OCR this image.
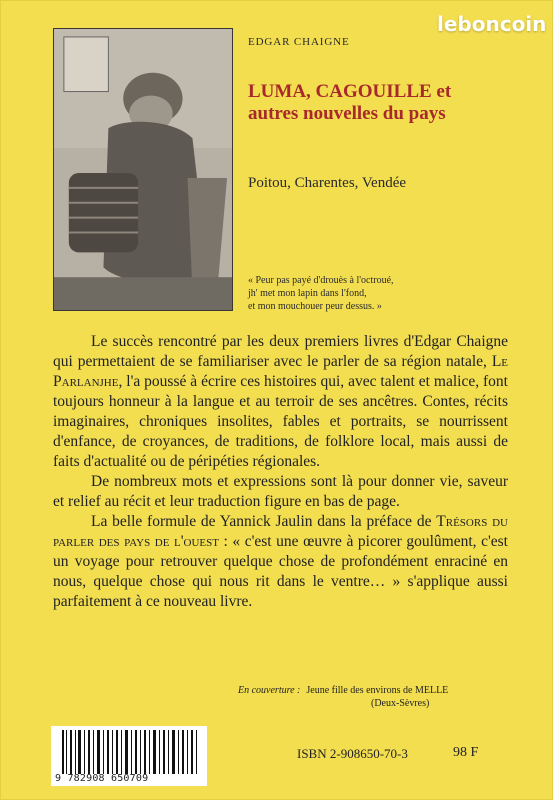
leboncoin
EDGAR CHAIGNE
LUMA, CAGOUILLE et autres nouvelles du pays
Poitou, Charentes, Vendée
« Peur pas payé d'drouès à l'octroué,
jh' met mon lapin dans l'fond,
et mon mouchouer peur dessus. »

Le succès rencontré par les deux premiers livres d'Edgar Chaigne qui permettaient de se familiariser avec le parler de sa région natale, Le Parlanjhe, l'a poussé à écrire ces histoires qui, avec talent et malice, font toujours honneur à la langue et au terroir de ses ancêtres. Contes, récits imaginaires, chroniques insolites, fables et portraits, se nourrissent d'enfance, de croyances, de traditions, de folklore local, mais aussi de faits d'actualité ou de péripéties régionales.

De nombreux mots et expressions sont là pour donner vie, saveur et relief au récit et leur traduction figure en bas de page.

La belle formule de Yannick Jaulin dans la préface de Trésors du parler des pays de l'ouest : « c'est une œuvre à picorer goulûment, c'est un voyage pour retrouver quelque chose de profondément enraciné en nous, quelque chose qui nous rit dans le ventre… » s'applique aussi parfaitement à ce nouveau livre.

En couverture : Jeune fille des environs de MELLE
(Deux-Sèvres)
9 782908 650709
ISBN 2-908650-70-3	98 F
